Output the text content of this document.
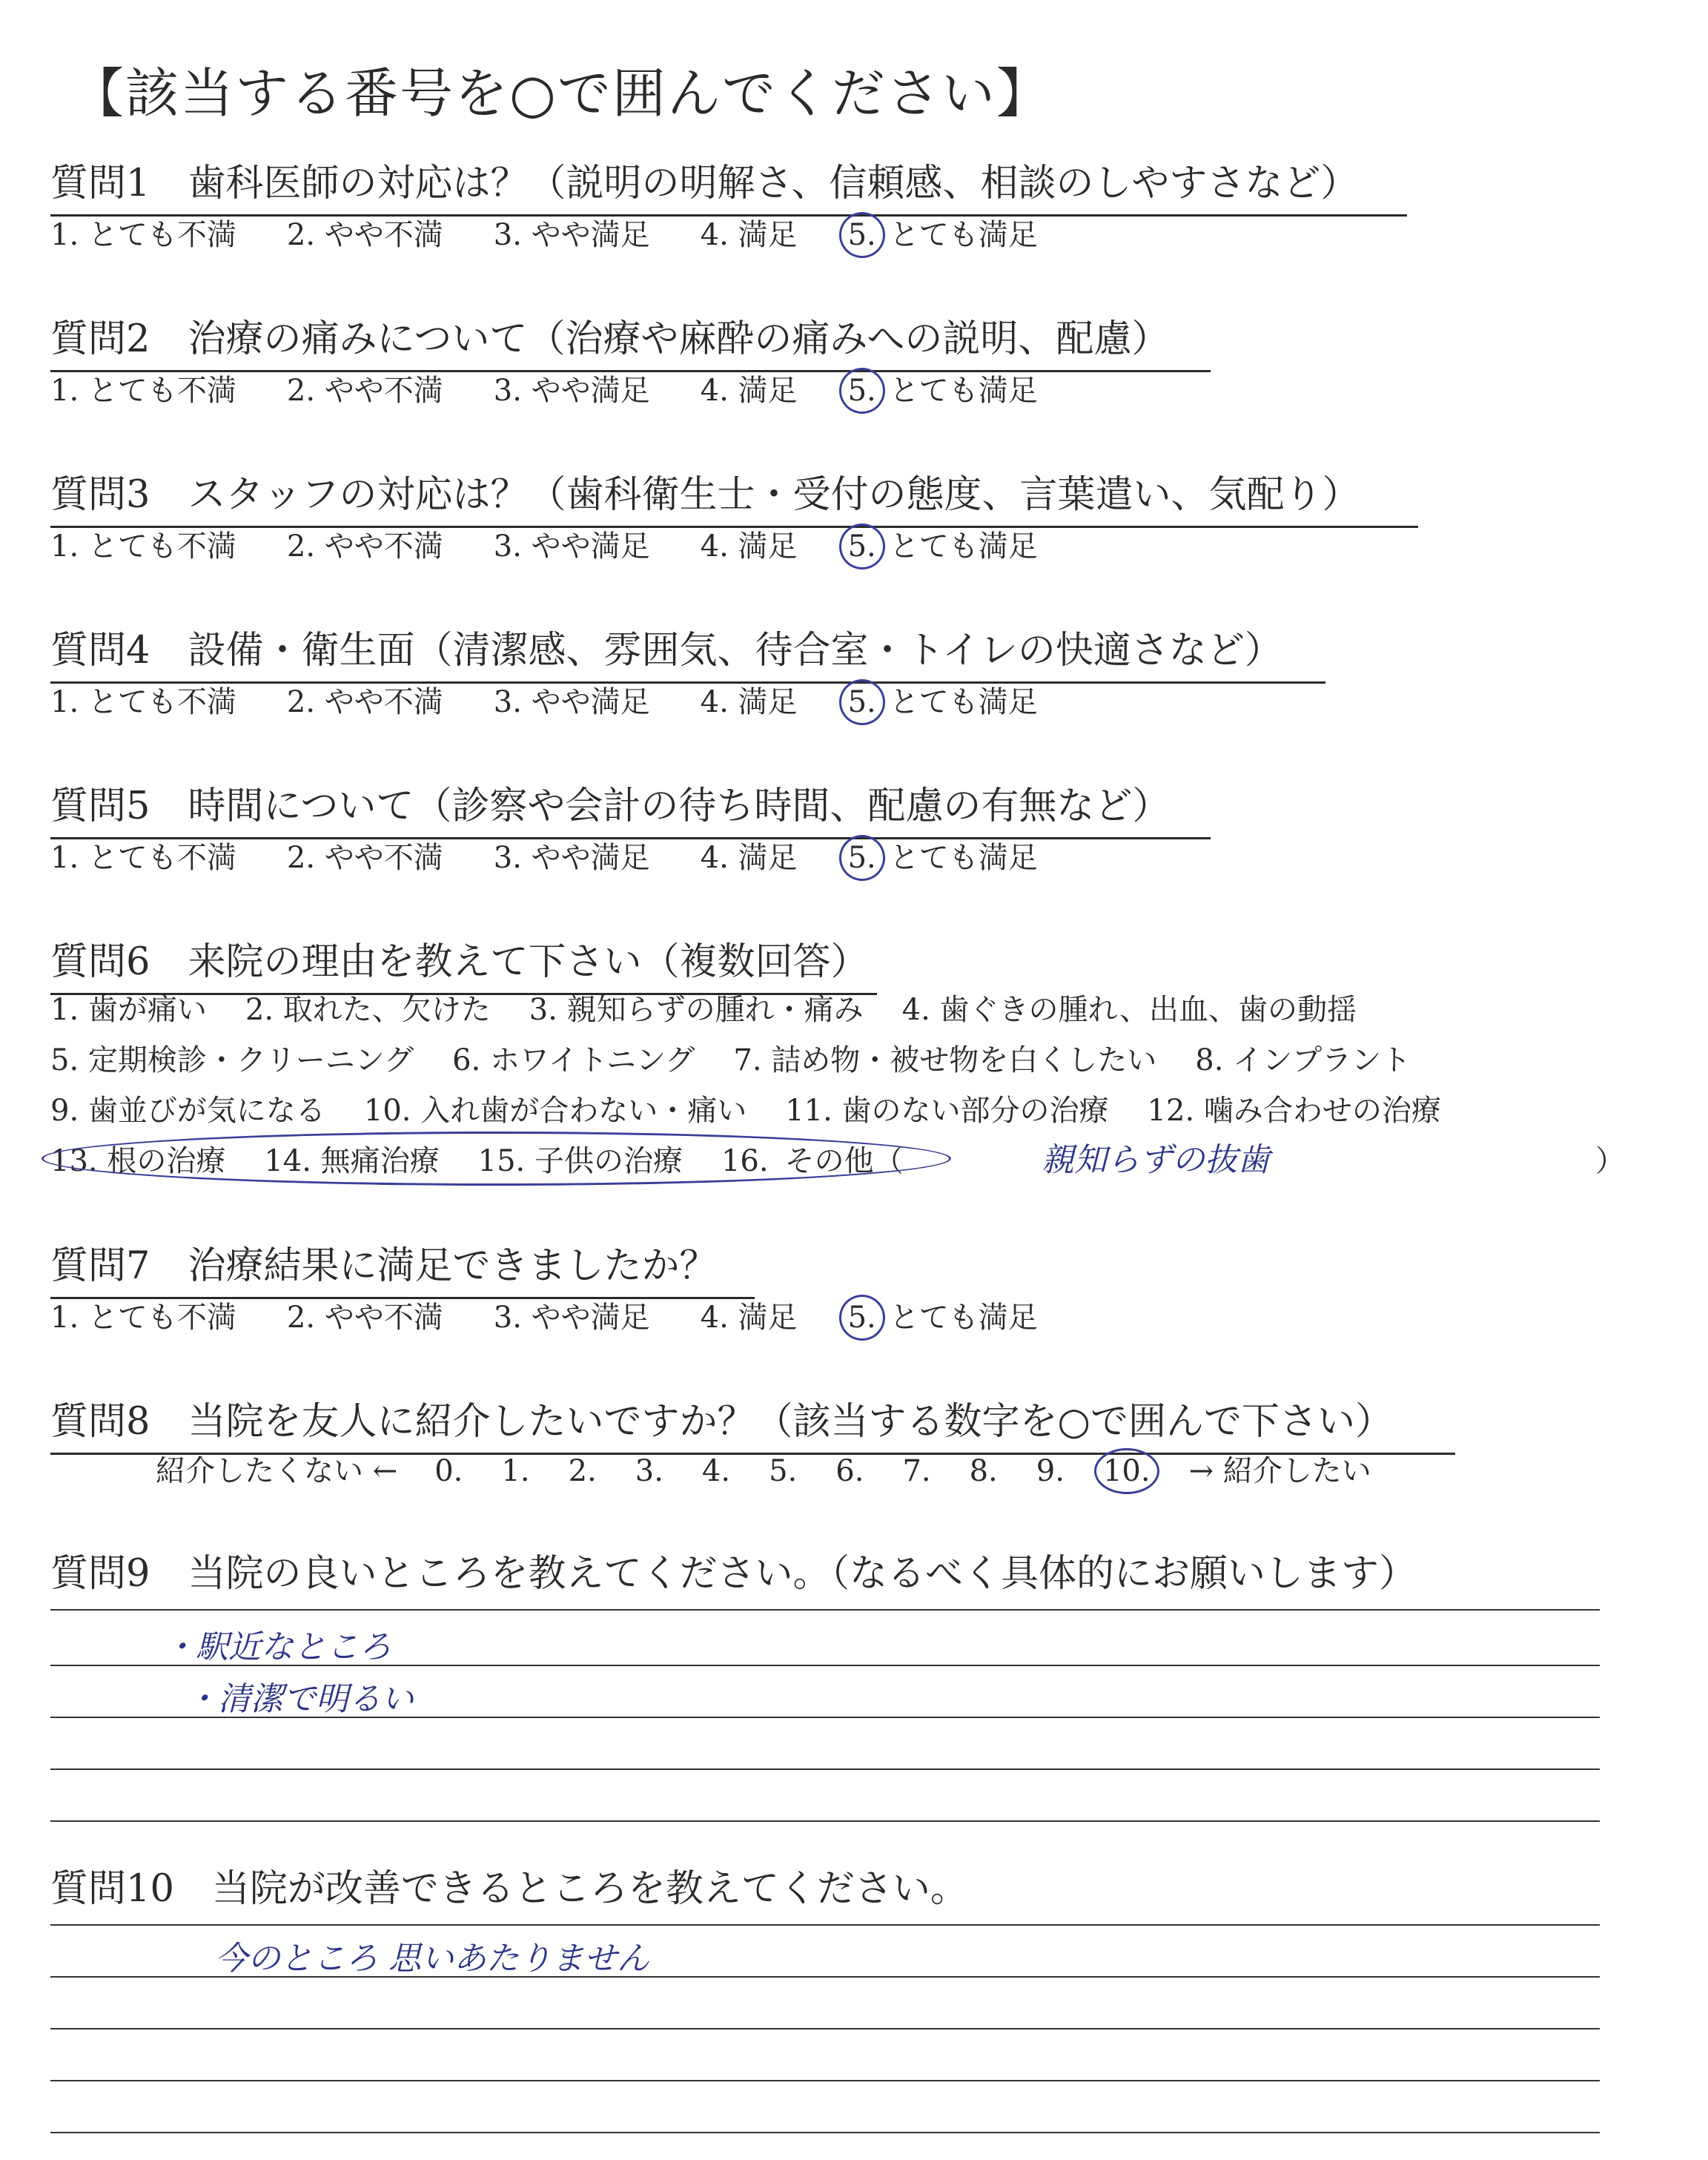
【該当する番号を○で囲んでください】
質問1　歯科医師の対応は？（説明の明解さ、信頼感、相談のしやすさなど）
1. とても不満 2. やや不満 3. やや満足 4. 満足 5. とても満足
質問2　治療の痛みについて（治療や麻酔の痛みへの説明、配慮）
1. とても不満 2. やや不満 3. やや満足 4. 満足 5. とても満足
質問3　スタッフの対応は？（歯科衛生士・受付の態度、言葉遣い、気配り）
1. とても不満 2. やや不満 3. やや満足 4. 満足 5. とても満足
質問4　設備・衛生面（清潔感、雰囲気、待合室・トイレの快適さなど）
1. とても不満 2. やや不満 3. やや満足 4. 満足 5. とても満足
質問5　時間について（診察や会計の待ち時間、配慮の有無など）
1. とても不満 2. やや不満 3. やや満足 4. 満足 5. とても満足
質問6　来院の理由を教えて下さい（複数回答）
1. 歯が痛い 2. 取れた、欠けた 3. 親知らずの腫れ・痛み 4. 歯ぐきの腫れ、出血、歯の動揺
5. 定期検診・クリーニング 6. ホワイトニング 7. 詰め物・被せ物を白くしたい 8. インプラント
9. 歯並びが気になる 10. 入れ歯が合わない・痛い 11. 歯のない部分の治療 12. 噛み合わせの治療
13. 根の治療 14. 無痛治療 15. 子供の治療 16. その他（	親知らずの抜歯	）
質問7　治療結果に満足できましたか？
1. とても不満 2. やや不満 3. やや満足 4. 満足 5. とても満足
質問8　当院を友人に紹介したいですか？（該当する数字を○で囲んで下さい）
紹介したくない ← 0. 1. 2. 3. 4. 5. 6. 7. 8. 9. 10. → 紹介したい
質問9　当院の良いところを教えてください。（なるべく具体的にお願いします）
・駅近なところ
・清潔で明るい
質問10　当院が改善できるところを教えてください。
今のところ 思いあたりません
